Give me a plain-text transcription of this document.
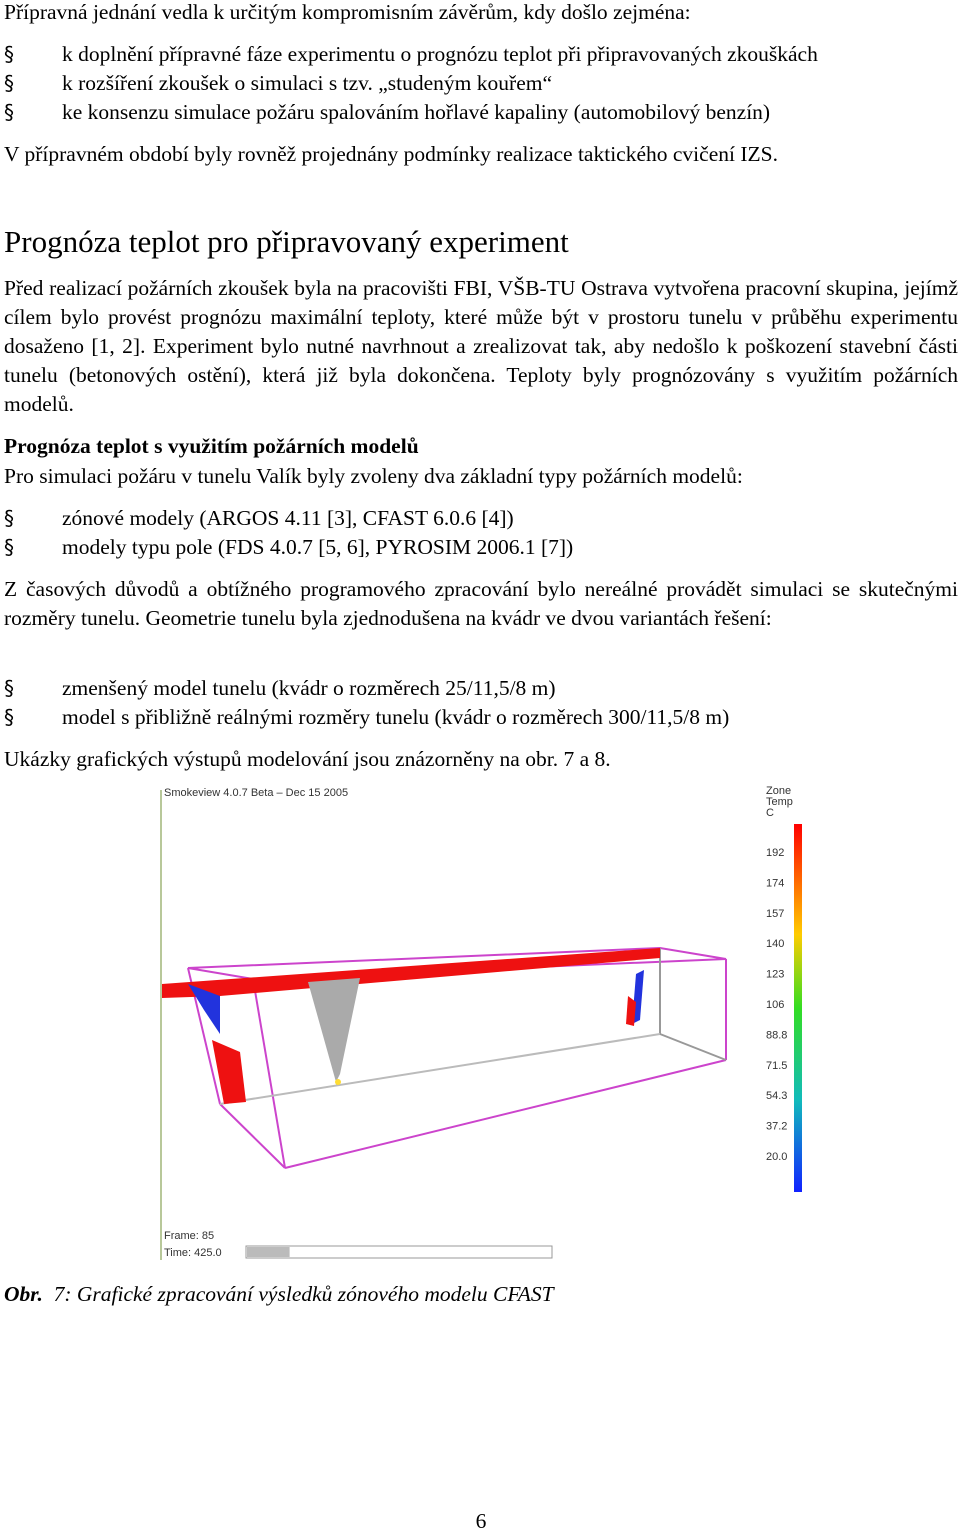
Přípravná jednání vedla k určitým kompromisním závěrům, kdy došlo zejména:

§ k doplnění přípravné fáze experimentu o prognózu teplot při připravovaných zkouškách
§ k rozšíření zkoušek o simulaci s tzv. „studeným kouřem“
§ ke konsenzu simulace požáru spalováním hořlavé kapaliny (automobilový benzín)

V přípravném období byly rovněž projednány podmínky realizace taktického cvičení IZS.

Prognóza teplot pro připravovaný experiment

Před realizací požárních zkoušek byla na pracovišti FBI, VŠB-TU Ostrava vytvořena pracovní skupina, jejímž cílem bylo provést prognózu maximální teploty, které může být v prostoru tunelu v průběhu experimentu dosaženo [1, 2]. Experiment bylo nutné navrhnout a zrealizovat tak, aby nedošlo k poškození stavební části tunelu (betonových ostění), která již byla dokončena. Teploty byly prognózovány s využitím požárních modelů.

Prognóza teplot s využitím požárních modelů

Pro simulaci požáru v tunelu Valík byly zvoleny dva základní typy požárních modelů:

§ zónové modely (ARGOS 4.11 [3], CFAST 6.0.6 [4])
§ modely typu pole (FDS 4.0.7 [5, 6], PYROSIM 2006.1 [7])

Z časových důvodů a obtížného programového zpracování bylo nereálné provádět simulaci se skutečnými rozměry tunelu. Geometrie tunelu byla zjednodušena na kvádr ve dvou variantách řešení:

§ zmenšený model tunelu (kvádr o rozměrech 25/11,5/8 m)
§ model s přibližně reálnými rozměry tunelu (kvádr o rozměrech 300/11,5/8 m)

Ukázky grafických výstupů modelování jsou znázorněny na obr. 7 a 8.

Smokeview 4.0.7 Beta – Dec 15 2005	Zone
Temp
C
192
174
157
140
123
106
88.8
71.5
54.3
37.2
20.0
Frame: 85
Time: 425.0
Obr. 7: Grafické zpracování výsledků zónového modelu CFAST
6
